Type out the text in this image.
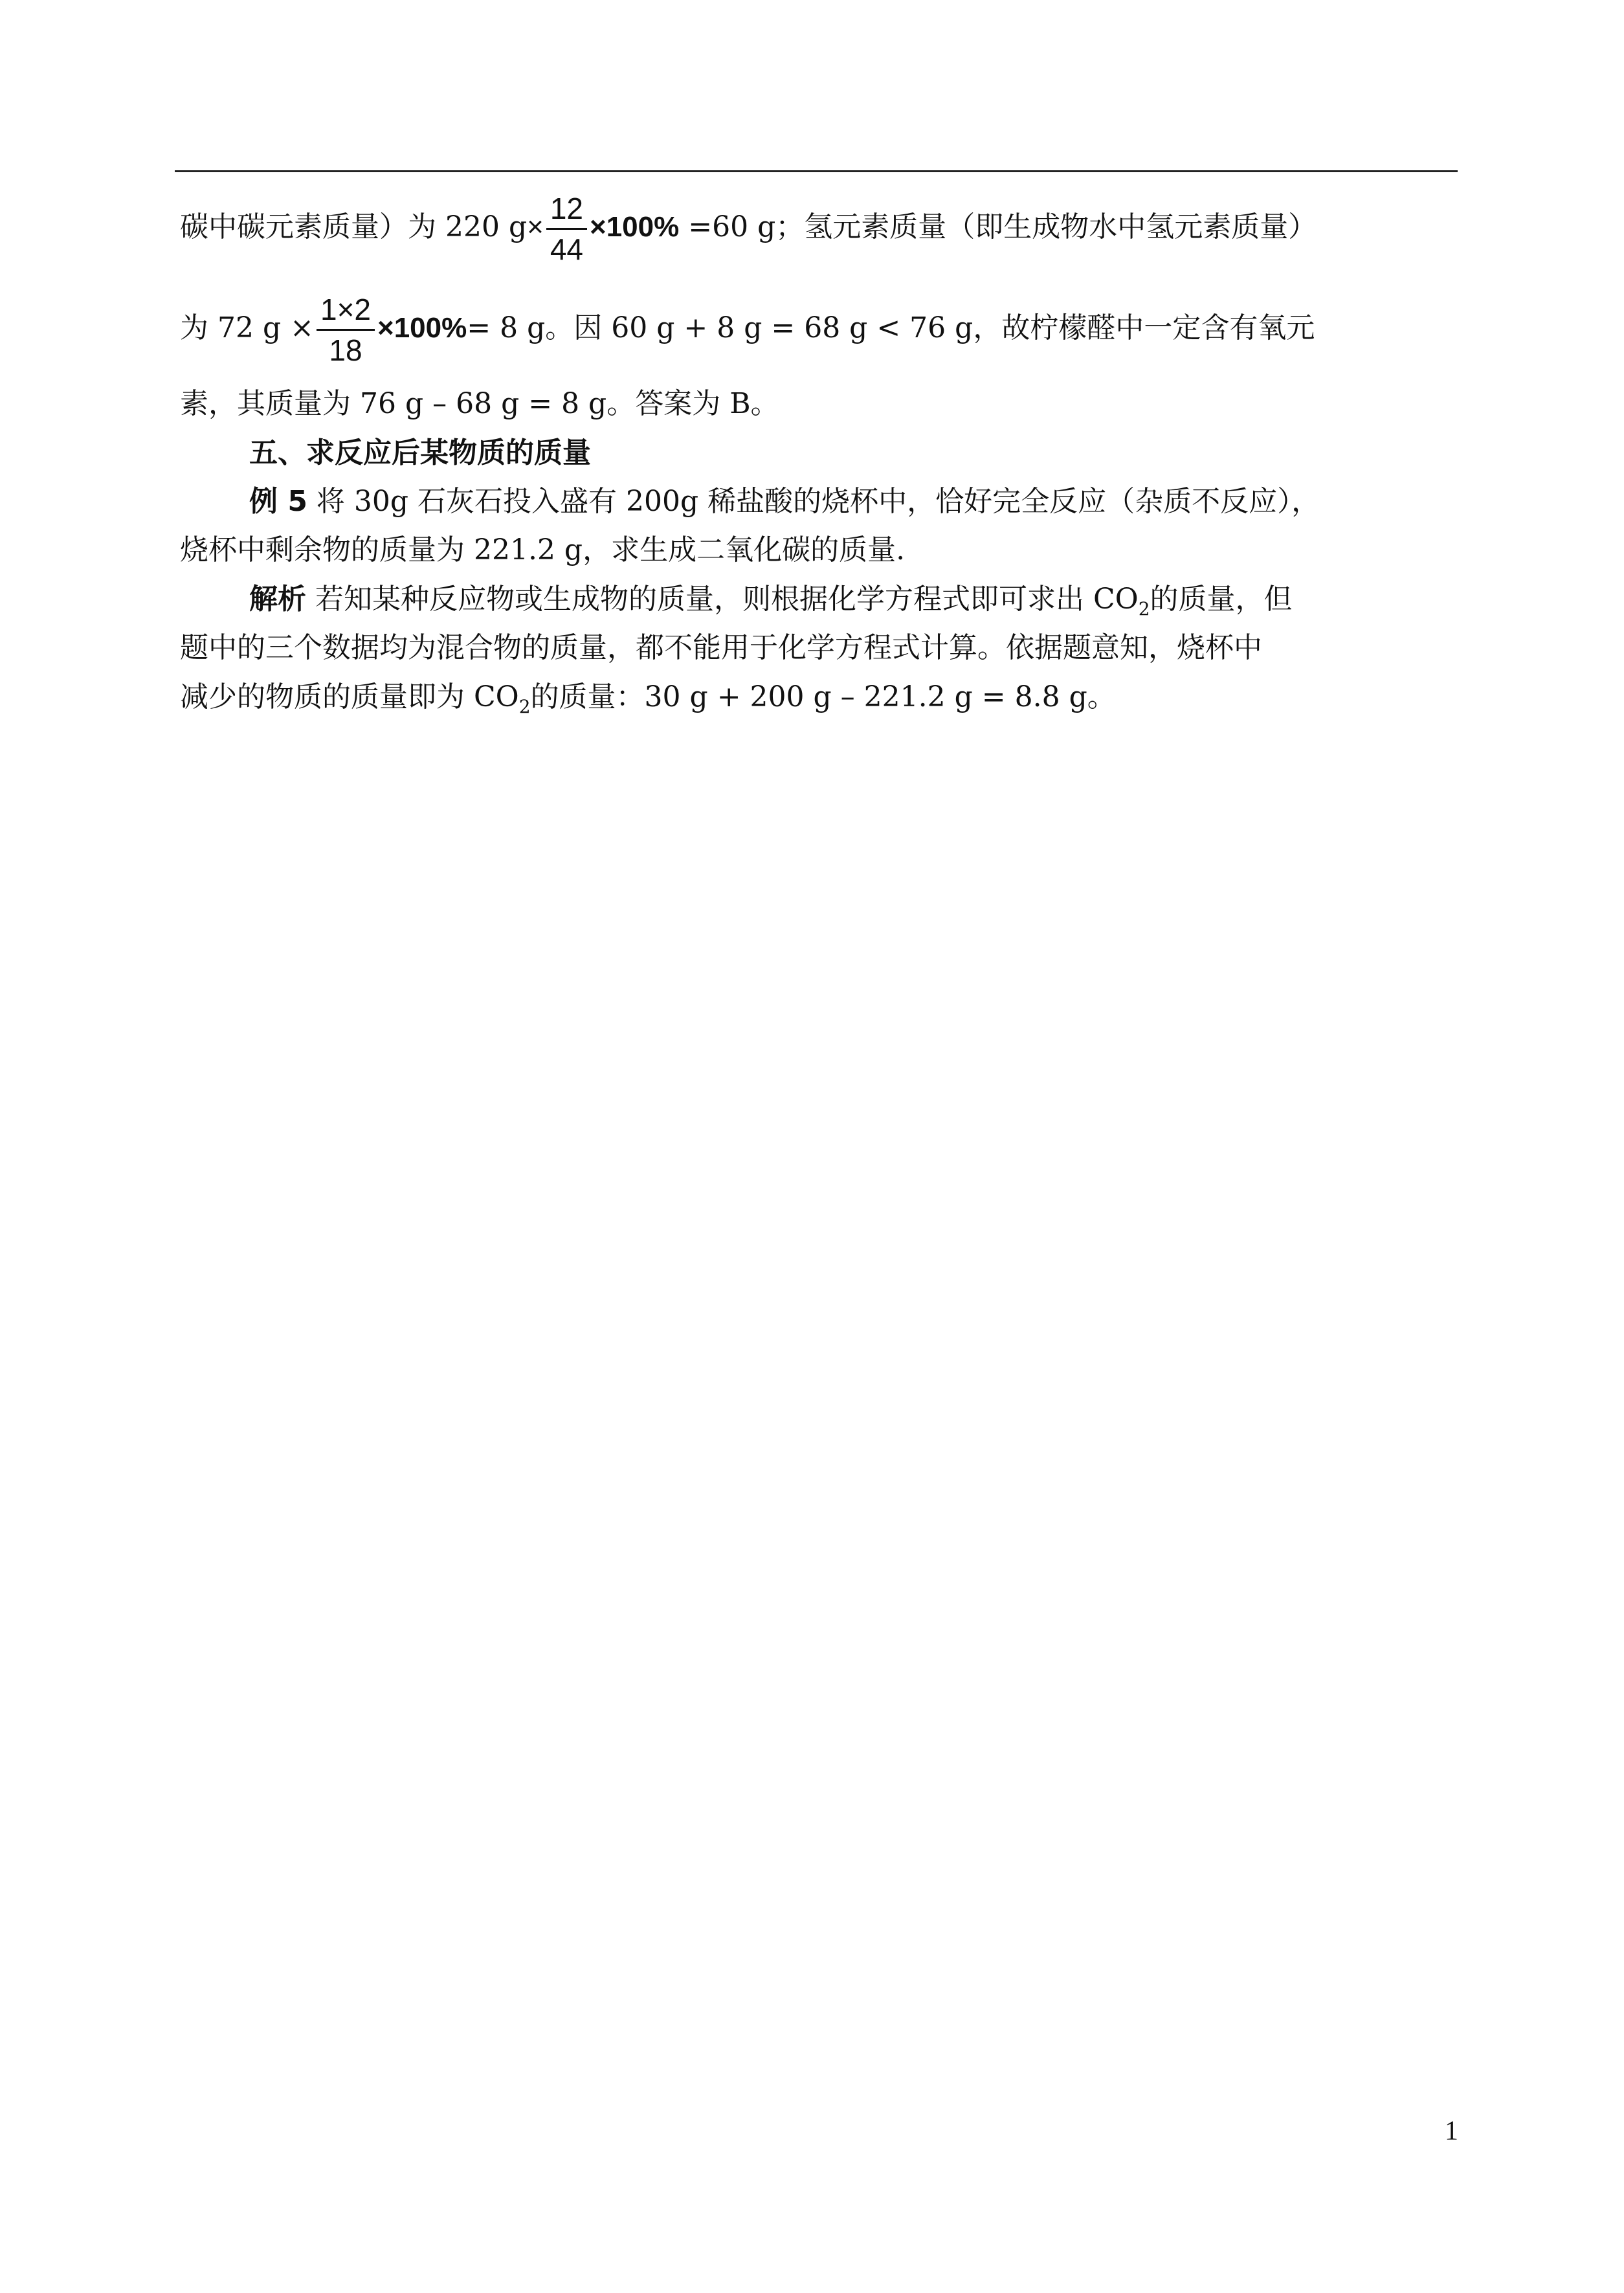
碳中碳元素质量）为 220 $g\times \frac{12}{44} \times 100\% =60$ g；氢元素质量（即生成物水中氢元素质量）
为 72 $g \times \frac{1\times 2}{18} \times 100\%= 8$ g。因 60 g + 8 g = 68 g < 76 g，故柠檬醛中一定含有氧元
素，其质量为 76 g – 68 g = 8 g。答案为 B。
五、求反应后某物质的质量
例 5 将 30g 石灰石投入盛有 200g 稀盐酸的烧杯中，恰好完全反应（杂质不反应），
烧杯中剩余物的质量为 221.2 g，求生成二氧化碳的质量.
解析 若知某种反应物或生成物的质量，则根据化学方程式即可求出 $CO_2$的质量，但
题中的三个数据均为混合物的质量，都不能用于化学方程式计算。依据题意知，烧杯中
减少的物质的质量即为 $CO_2$的质量：30 g + 200 g – 221.2 g = 8.8 g。
1
